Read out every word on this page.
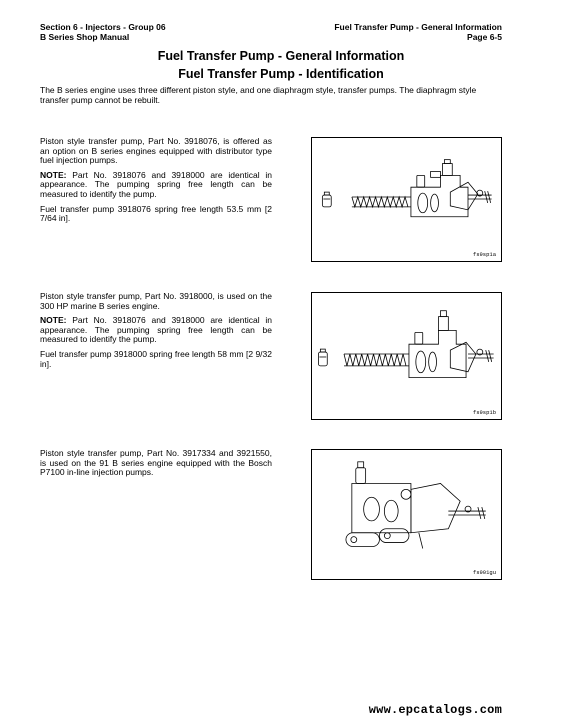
Section 6 - Injectors - Group 06
B Series Shop Manual
Fuel Transfer Pump - General Information
Page 6-5
Fuel Transfer Pump - General Information
Fuel Transfer Pump - Identification
The B series engine uses three different piston style, and one diaphragm style, transfer pumps. The diaphragm style transfer pump cannot be rebuilt.

Piston style transfer pump, Part No. 3918076, is offered as an option on B series engines equipped with distributor type fuel injection pumps.

NOTE: Part No. 3918076 and 3918000 are identical in appearance. The pumping spring free length can be measured to identify the pump.

Fuel transfer pump 3918076 spring free length 53.5 mm [2 7/64 in].

fs9sp1a

Piston style transfer pump, Part No. 3918000, is used on the 300 HP marine B series engine.

NOTE: Part No. 3918076 and 3918000 are identical in appearance. The pumping spring free length can be measured to identify the pump.

Fuel transfer pump 3918000 spring free length 58 mm [2 9/32 in].

fs9sp1b

Piston style transfer pump, Part No. 3917334 and 3921550, is used on the 91 B series engine equipped with the Bosch P7100 in-line injection pumps.

fs901gu
www.epcatalogs.com
